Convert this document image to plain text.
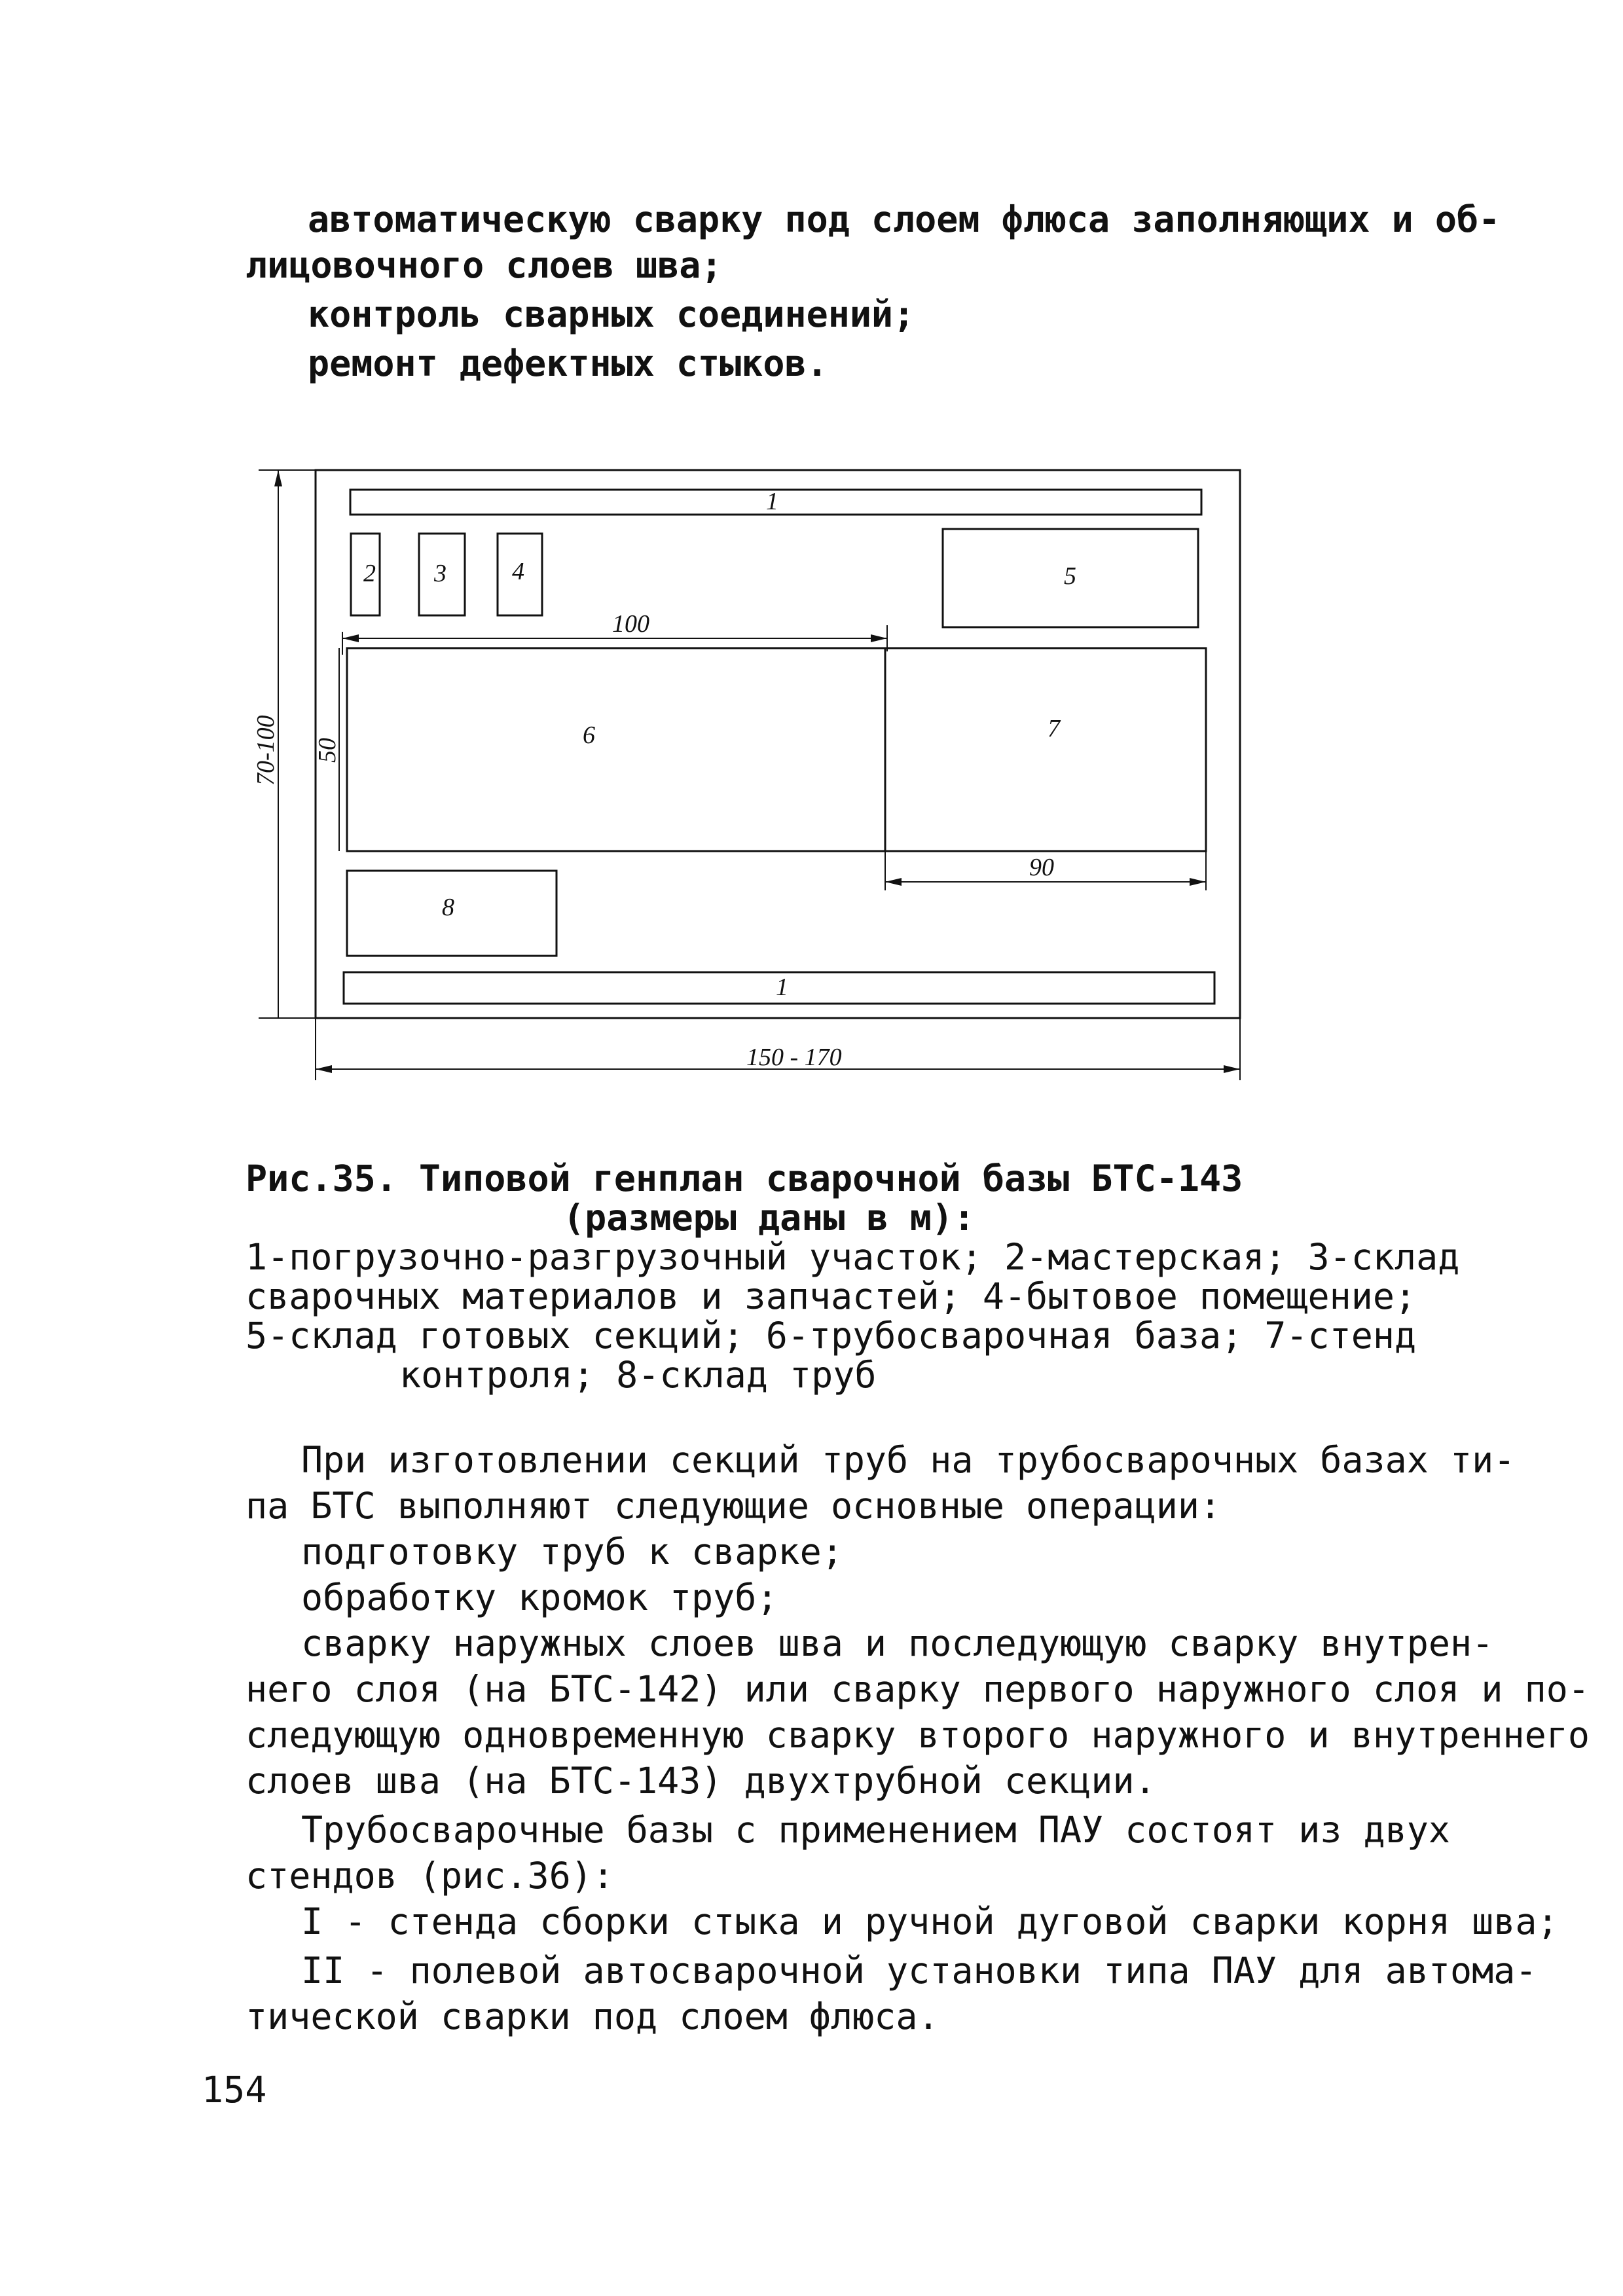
автоматическую сварку под слоем флюса заполняющих и об-
лицовочного слоев шва;
контроль сварных соединений;
ремонт дефектных стыков.
1
2 3	4	5
6	7
8
1
100
90
50
70-100
150 - 170
Рис.35. Типовой генплан сварочной базы БТС-143
(размеры даны в м):
1-погрузочно-разгрузочный участок; 2-мастерская; 3-склад
сварочных материалов и запчастей; 4-бытовое помещение;
5-склад готовых секций; 6-трубосварочная база; 7-стенд
контроля; 8-склад труб
При изготовлении секций труб на трубосварочных базах ти-
па БТС выполняют следующие основные операции:
подготовку труб к сварке;
обработку кромок труб;
сварку наружных слоев шва и последующую сварку внутрен-
него слоя (на БТС-142) или сварку первого наружного слоя и по-
следующую одновременную сварку второго наружного и внутреннего
слоев шва (на БТС-143) двухтрубной секции.
Трубосварочные базы с применением ПАУ состоят из двух
стендов (рис.36):
I - стенда сборки стыка и ручной дуговой сварки корня шва;
II - полевой автосварочной установки типа ПАУ для автома-
тической сварки под слоем флюса.
154
